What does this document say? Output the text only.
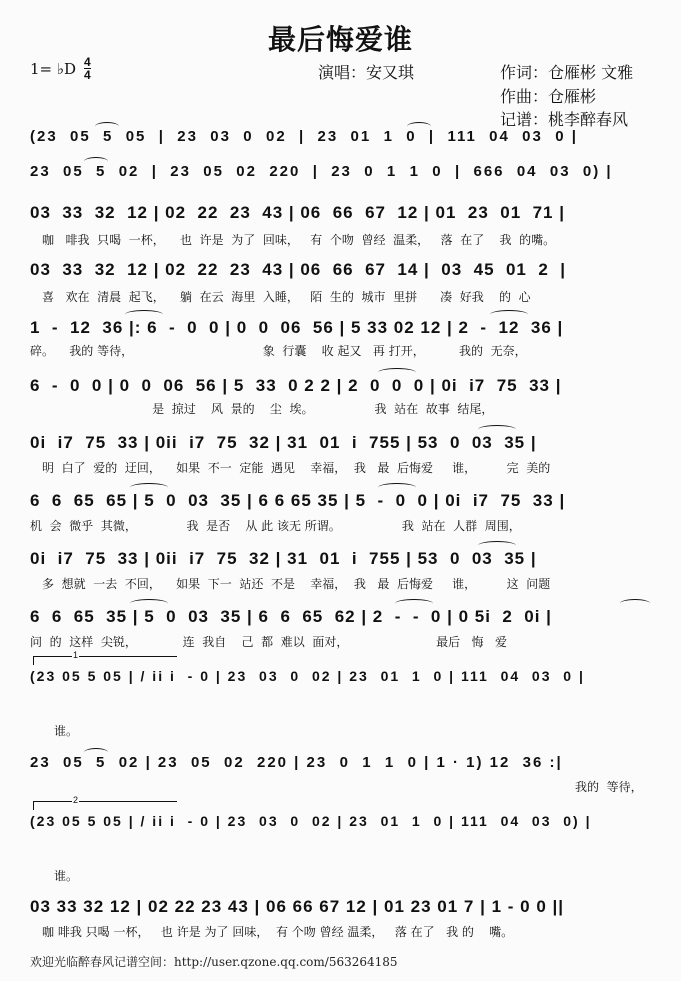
最后悔爱谁
1= ♭D $\frac{4}{4}$	演唱：安又琪	作词：仓雁彬 文雅
作曲：仓雁彬
记谱：桃李醉春风
(23  05  5  05  |  23  03  0  02  |  23  01  1  0  |  111  04  03  0 |
23  05  5  02  |  23  05  02  220  |  23  0  1  1  0  |  666  04  03  0) |
03  33  32  12 | 02  22  23  43 | 06  66  67  12 | 01  23  01  71 |
咖   啡我  只喝  一杯，    也  许是  为了  回味，   有  个吻  曾经  温柔，   落  在了    我  的嘴。
03  33  32  12 | 02  22  23  43 | 06  66  67  14 |  03  45  01  2  |
喜   欢在  清晨  起飞，    躺  在云  海里  入睡，   陌  生的  城市  里拼      凑  好我    的  心
1  -  12  36 |: 6  -  0  0 | 0  0  06  56 | 5 33 02 12 | 2  -  12  36 |
碎。    我的 等待，                                  象  行囊    收 起又   再 打开，         我的  无奈，
6  -  0  0 | 0  0  06  56 | 5  33  0 2 2 | 2  0  0  0 | 0i  i7  75  33 |
是  掠过    风  景的    尘  埃。                我  站在  故事  结尾，
0i  i7  75  33 | 0ii  i7  75  32 | 31  01  i  755 | 53  0  03  35 |
明  白了  爱的  迂回，    如果  不一  定能  遇见    幸福，  我   最  后悔爱     谁，        完  美的
6  6  65  65 | 5  0  03  35 | 6 6 65 35 | 5  -  0  0 | 0i  i7  75  33 |
机  会  微乎  其微，             我  是否    从 此 该无 所谓。                我  站在  人群  周围，
0i  i7  75  33 | 0ii  i7  75  32 | 31  01  i  755 | 53  0  03  35 |
多  想就  一去  不回，    如果  下一  站还  不是    幸福，  我   最  后悔爱     谁，        这  问题
6  6  65  35 | 5  0  03  35 | 6  6  65  62 | 2  -  -  0 | 0 5i  2  0i |
问  的  这样  尖锐，            连  我自    己  都  难以  面对，                       最后   悔   爱
1
(23 05 5 05 | / ii i  - 0 | 23  03  0  02 | 23  01  1  0 | 111  04  03  0 |
谁。
23  05  5  02 | 23  05  02  220 | 23  0  1  1  0 | 1 · 1) 12  36 :|
我的  等待，
2
(23 05 5 05 | / ii i  - 0 | 23  03  0  02 | 23  01  1  0 | 111  04  03  0) |
谁。
03 33 32 12 | 02 22 23 43 | 06 66 67 12 | 01 23 01 7 | 1 - 0 0 ||
咖 啡我 只喝 一杯，   也 许是 为了 回味，  有 个吻 曾经 温柔，   落 在了   我 的    嘴。
欢迎光临醉春风记谱空间：http://user.qzone.qq.com/563264185
